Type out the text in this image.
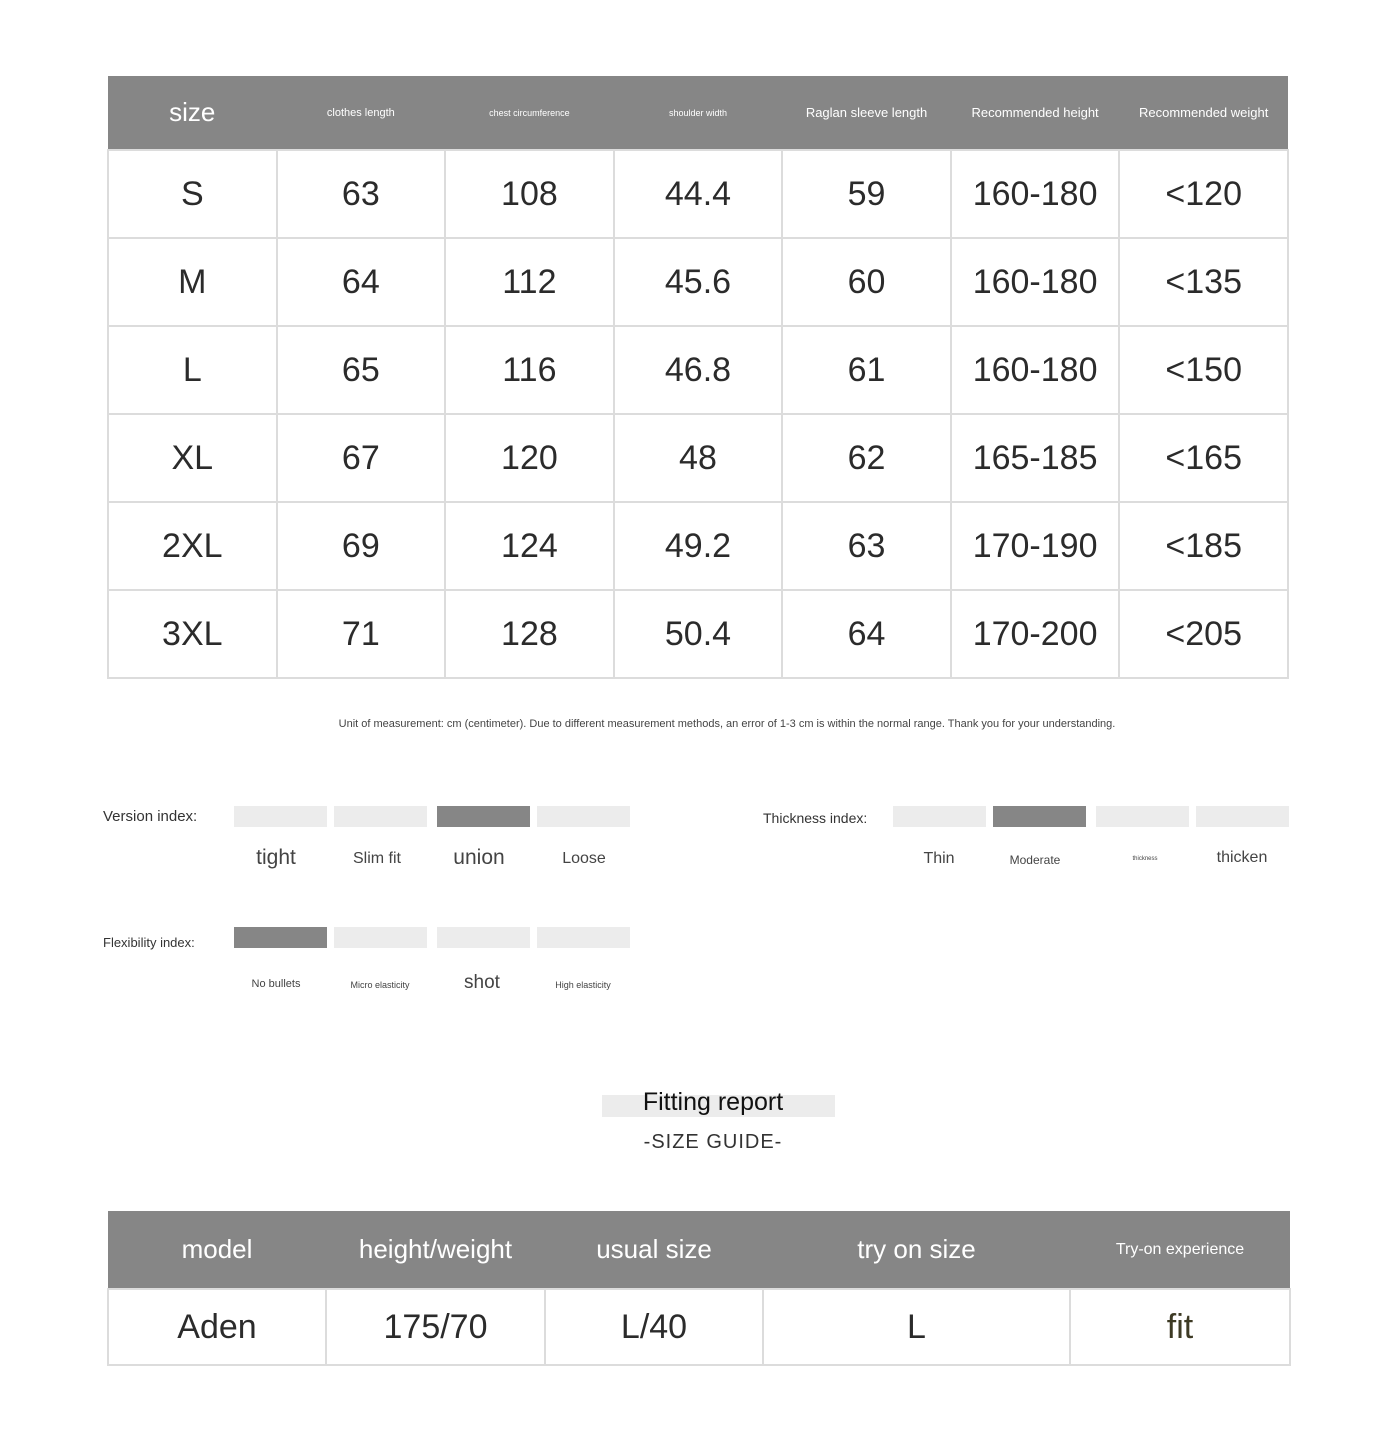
size	clothes length	chest circumference	shoulder width	Raglan sleeve length	Recommended height	Recommended weight
S	63	108	44.4	59	160-180	<120
M	64	112	45.6	60	160-180	<135
L	65	116	46.8	61	160-180	<150
XL	67	120	48	62	165-185	<165
2XL	69	124	49.2	63	170-190	<185
3XL	71	128	50.4	64	170-200	<205
Unit of measurement: cm (centimeter). Due to different measurement methods, an error of 1-3 cm is within the normal range. Thank you for your understanding.
Version index:
tight	Slim fit	union	Loose
Thickness index:
Thin	Moderate	thickness	thicken
Flexibility index:
No bullets	Micro elasticity	shot	High elasticity
Fitting report
-SIZE GUIDE-
model	height/weight	usual size	try on size	Try-on experience
Aden	175/70	L/40	L	fit
